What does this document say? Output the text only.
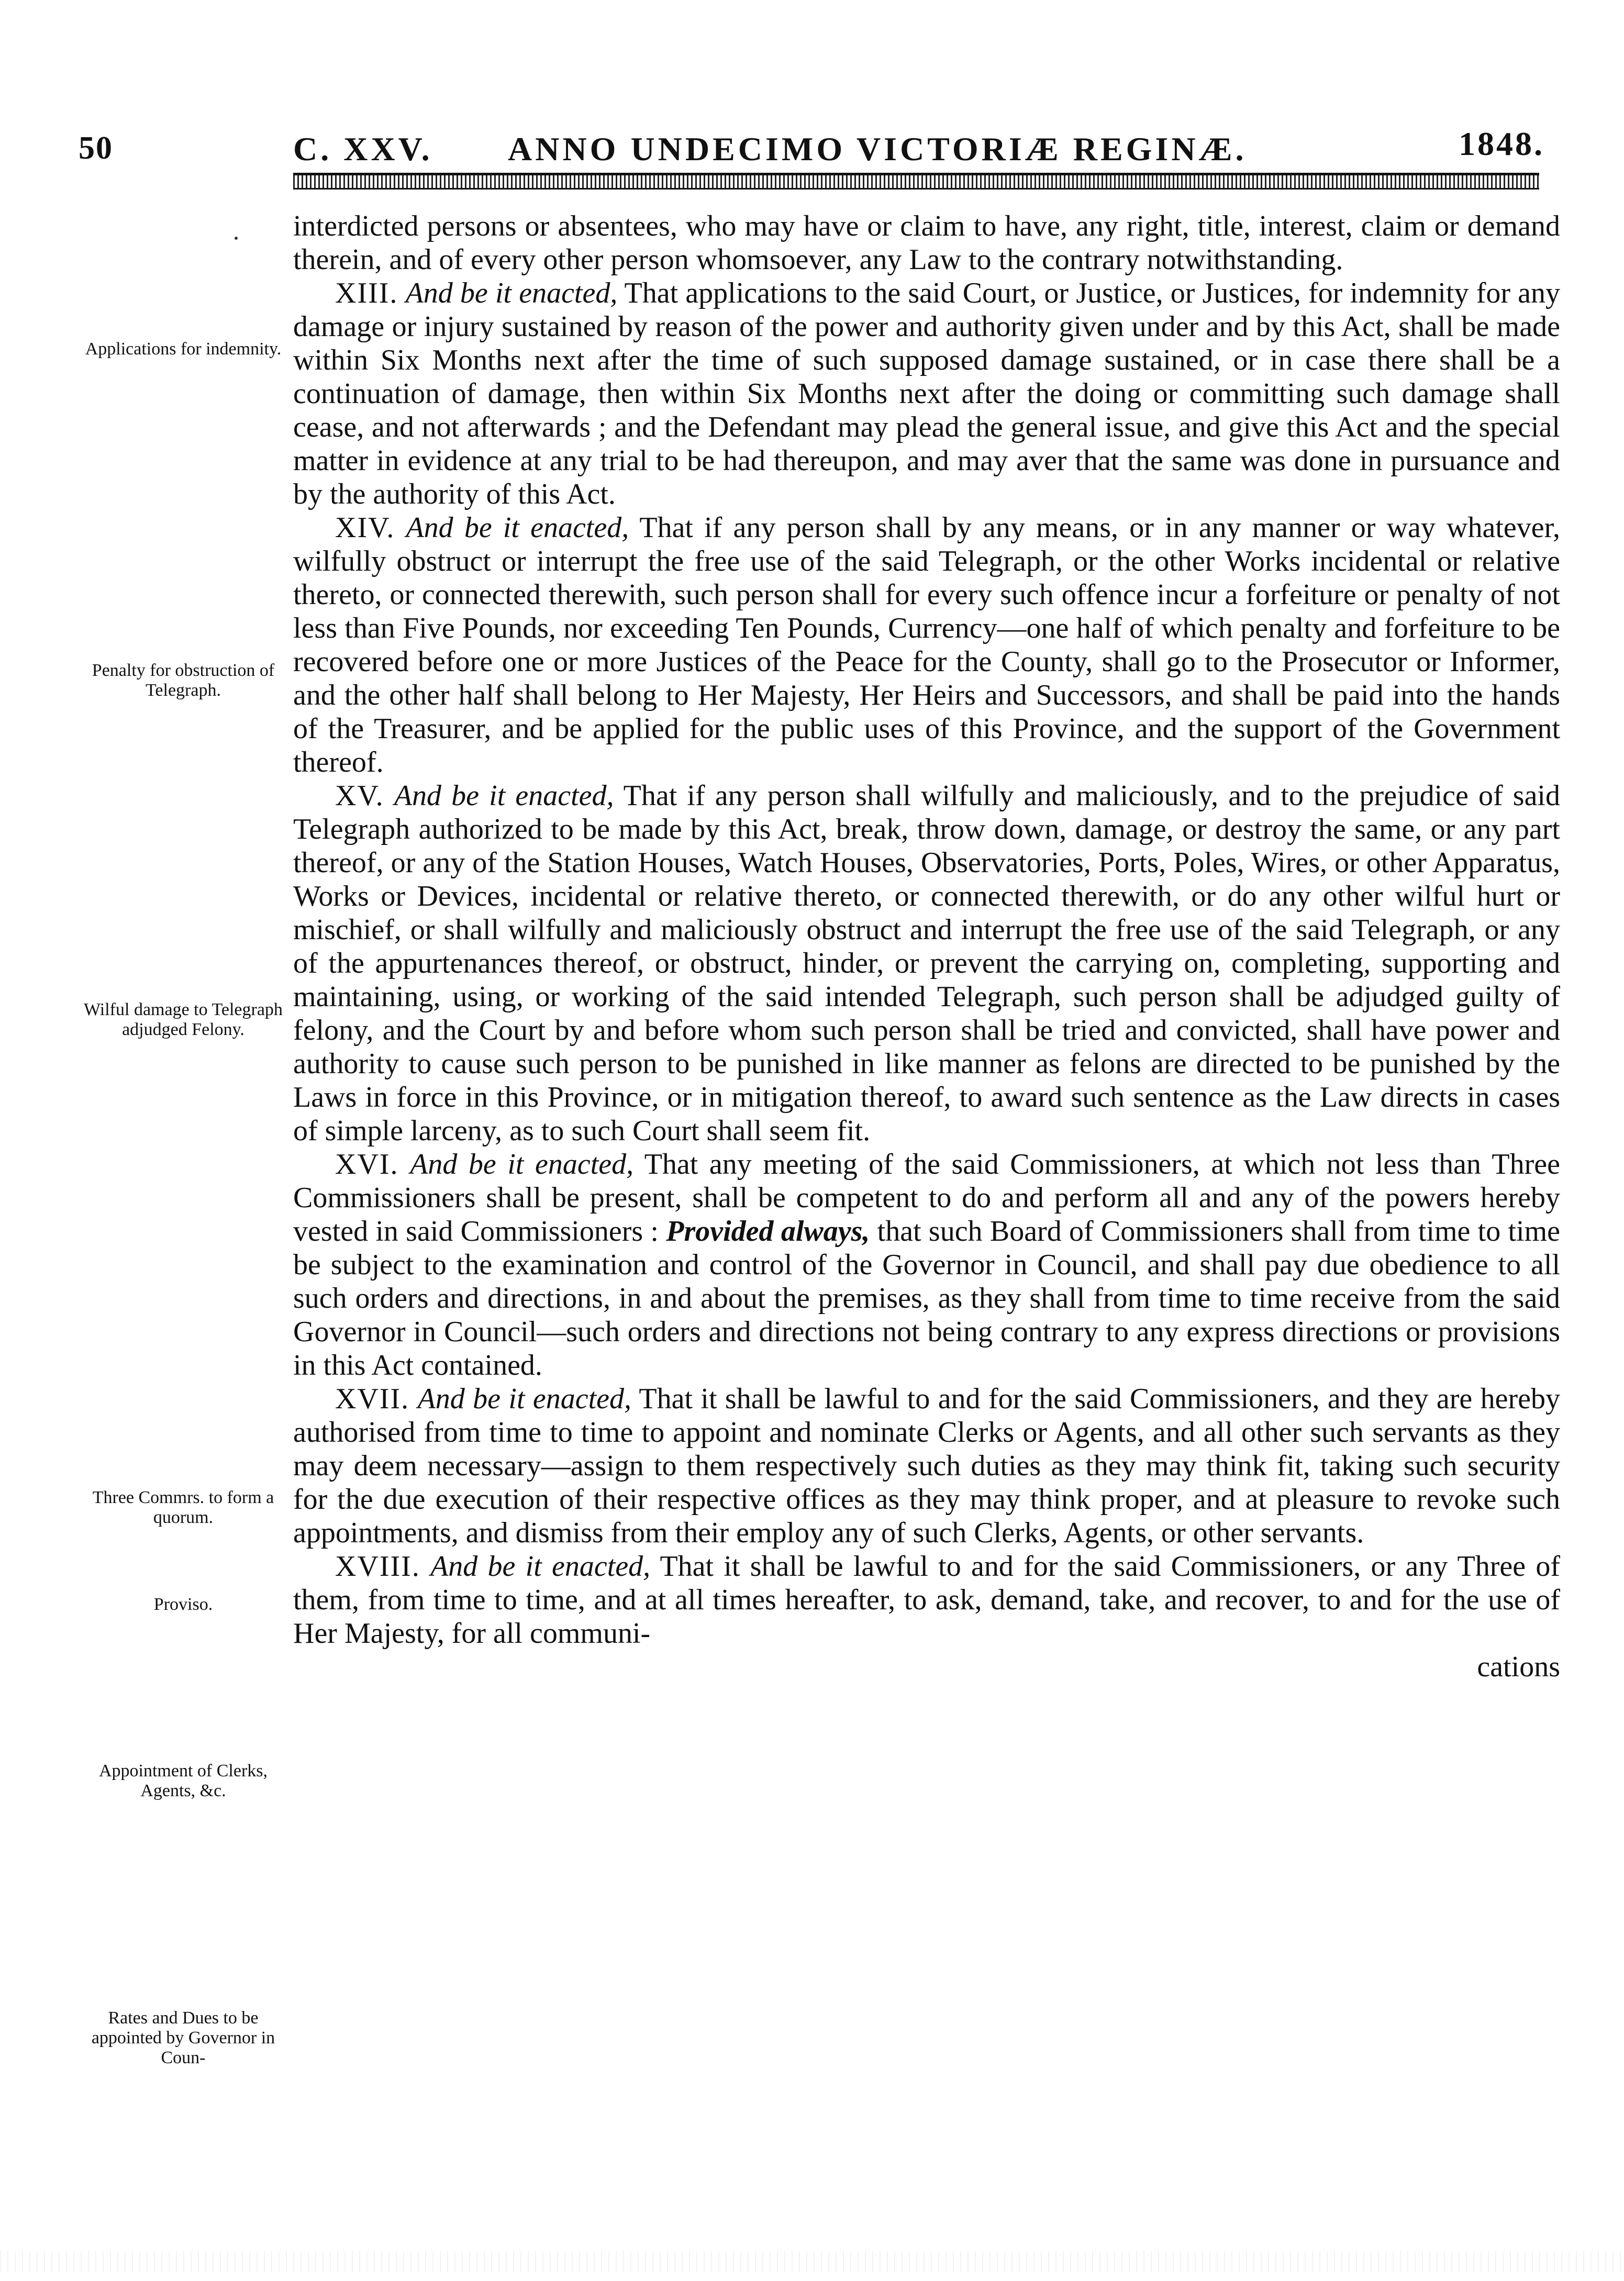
50	C. XXV. ANNO UNDECIMO VICTORIÆ REGINÆ.	1848.
Applications for indemnity.
Penalty for obstruction of Telegraph.
Wilful damage to Telegraph adjudged Felony.
Three Commrs. to form a quorum.
Proviso.
Appointment of Clerks, Agents, &c.
Rates and Dues to be appointed by Governor in Coun-

interdicted persons or absentees, who may have or claim to have, any right, title, interest, claim or demand therein, and of every other person whomsoever, any Law to the contrary notwithstanding.

XIII. And be it enacted, That applications to the said Court, or Justice, or Justices, for indemnity for any damage or injury sustained by reason of the power and authority given under and by this Act, shall be made within Six Months next after the time of such supposed damage sustained, or in case there shall be a continuation of damage, then within Six Months next after the doing or committing such damage shall cease, and not afterwards ; and the Defendant may plead the general issue, and give this Act and the special matter in evidence at any trial to be had thereupon, and may aver that the same was done in pursuance and by the authority of this Act.

XIV. And be it enacted, That if any person shall by any means, or in any manner or way whatever, wilfully obstruct or interrupt the free use of the said Telegraph, or the other Works incidental or relative thereto, or connected therewith, such person shall for every such offence incur a forfeiture or penalty of not less than Five Pounds, nor exceeding Ten Pounds, Currency—one half of which penalty and forfeiture to be recovered before one or more Justices of the Peace for the County, shall go to the Prosecutor or Informer, and the other half shall belong to Her Majesty, Her Heirs and Successors, and shall be paid into the hands of the Treasurer, and be applied for the public uses of this Province, and the support of the Government thereof.

XV. And be it enacted, That if any person shall wilfully and maliciously, and to the prejudice of said Telegraph authorized to be made by this Act, break, throw down, damage, or destroy the same, or any part thereof, or any of the Station Houses, Watch Houses, Observatories, Ports, Poles, Wires, or other Apparatus, Works or Devices, incidental or relative thereto, or connected therewith, or do any other wilful hurt or mischief, or shall wilfully and maliciously obstruct and interrupt the free use of the said Telegraph, or any of the appurtenances thereof, or obstruct, hinder, or prevent the carrying on, completing, supporting and maintaining, using, or working of the said intended Telegraph, such person shall be adjudged guilty of felony, and the Court by and before whom such person shall be tried and convicted, shall have power and authority to cause such person to be punished in like manner as felons are directed to be punished by the Laws in force in this Province, or in mitigation thereof, to award such sentence as the Law directs in cases of simple larceny, as to such Court shall seem fit.

XVI. And be it enacted, That any meeting of the said Commissioners, at which not less than Three Commissioners shall be present, shall be competent to do and perform all and any of the powers hereby vested in said Commissioners : Provided always, that such Board of Commissioners shall from time to time be subject to the examination and control of the Governor in Council, and shall pay due obedience to all such orders and directions, in and about the premises, as they shall from time to time receive from the said Governor in Council—such orders and directions not being contrary to any express directions or provisions in this Act contained.

XVII. And be it enacted, That it shall be lawful to and for the said Commissioners, and they are hereby authorised from time to time to appoint and nominate Clerks or Agents, and all other such servants as they may deem necessary—assign to them respectively such duties as they may think fit, taking such security for the due execution of their respective offices as they may think proper, and at pleasure to revoke such appointments, and dismiss from their employ any of such Clerks, Agents, or other servants.

XVIII. And be it enacted, That it shall be lawful to and for the said Commissioners, or any Three of them, from time to time, and at all times hereafter, to ask, demand, take, and recover, to and for the use of Her Majesty, for all communi-

cations
